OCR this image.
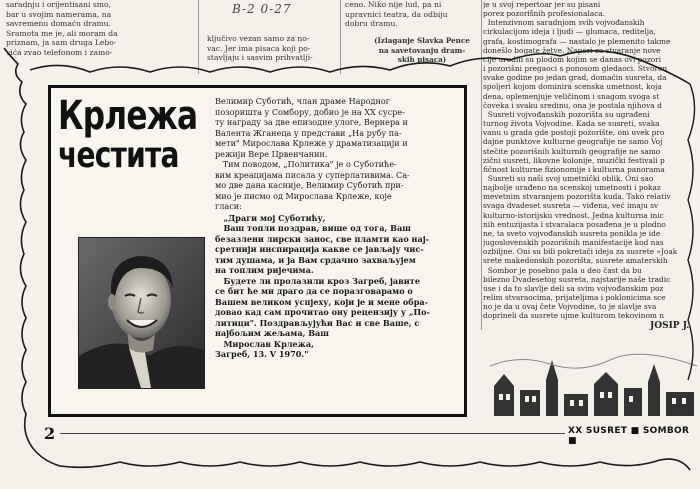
saradnju i orijentisani smo,
bar u svojim namerama, na
savremenu domaću dramu.
Sramota me je, ali moram da
priznam, ja sam druga Lebo-
vića zvao telefonom i zamo-
B-2 0-27
ključivo vezan samo za no-
vac. Jer ima pisaca koji po-
stavljaju i sasvim prihvatlji-
ceno. Niko nije lud, pa ni
upravnici teatra, da odbiju
dobru dramu.
(Izlaganje Slavka Pence
na savetovanju dram-
skih pisaca)
je u svoj repertoar jer su pisani
porez pozorišnih profesionalaca.
Intenzivnom saradnjom svih vojvođanskih
cirkulacijom ideja i ljudi — glumaca, reditelja,
grafa, kostimografa — nastalo je plemenito takme
donešlo bogate žetve. Napori za stvaranje nove
cije urodili su plodom kojim se danas ovi pozori
i pozorišni pregaoci s ponosom gledaoci. Stvoren
svake godine po jedan grad, domaćin susreta, da
spoljeri kojom dominira scenska umetnost, koja
dena, oplemenjuje veličinom i snagom svoga st
čoveka i svaku sredinu, ona je postala njihova d
Susreti vojvođanskih pozorišta su ugrađeni
turnog života Vojvodine. Kada se susreti, svaka
vanu u grada gde postoji pozorište, oni uvek pro
dajne punktove kulturne geografije ne samo Voj
stečite pozorišnih kulturnih geografije ne samo
zični susreti, likovne kolonije, muzički festivali p
fičnost kulturne fizionomije i kulturna panorama
Susreti su naši svoj umetnički oblik. Oni sao
najbolje urađeno na scenskoj umetnosti i pokaz
mevetnim stvaranjem pozorišta kuda. Tako relativ
svaga dvadeset susreta — viđena, već imaju sv
kulturno-istorijsku vrednost. Jedna kulturna inic
nih entuzijasta i stvaralaca posađena je u plodno
ne, ta sveto vojvođanskih susreta ponikla je ide
jugoslovenskih pozorišnih manifestacije kod nas
ozbiljne. Oni su bili pokretači ideja za susrete »Joak
srete makedonskih pozorišta, susrete amaterskih
Sombor je posebno pala u deo čast da bu
bilezno Dvadesetog susreta, najstarije naše tradic
use i da to slavlje deli sa svim vojvođanskim poz
relim stvaraocima, prijateljima i poklonicima sce
no je da u ovaj čete Vojvodine, to je slavlje sva
doprineli da susrete ujme kulturom tekovinom n
JOSIP J.
Крлежа
честита

Велимир Суботић, члан драме Народног
позоришта у Сомбору, добио је на XX сусре-
ту награду за две епизодне улоге, Вернера и
Валента Жганеца у представи „На рубу па-
мети" Мирослава Крлеже у драматизацији и
режији Вере Црвенчанин.

Тим поводом, „Политика" је о Суботиће-
вим креацијама писала у суперлативима. Са-
мо две дана касније, Велимир Суботић при-
мио је писмо од Мирослава Крлеже, које
гласи:

„Драги мој Суботићу,
Ваш топли поздрав, више од тога, Ваш
безазлени лирски занос, све пламти као нај-
сретнији инспирација какве се јављају чис-
тим душама, и ја Вам срдачно захваљујем
на топлим ријечима.
Будете ли пролазили кроз Загреб, јавите
се бит ће ми драго да се поразговарамо о
Вашем великом успјеху, који је и мене обра-
довао кад сам прочитао ону рецензију у „По-
литици". Поздрављујући Вас и све Ваше, с
најбољим жељама, Ваш
Мирослав Крлежа,
Загреб, 13. V 1970."

2	XX SUSRET ■ SOMBOR ■
